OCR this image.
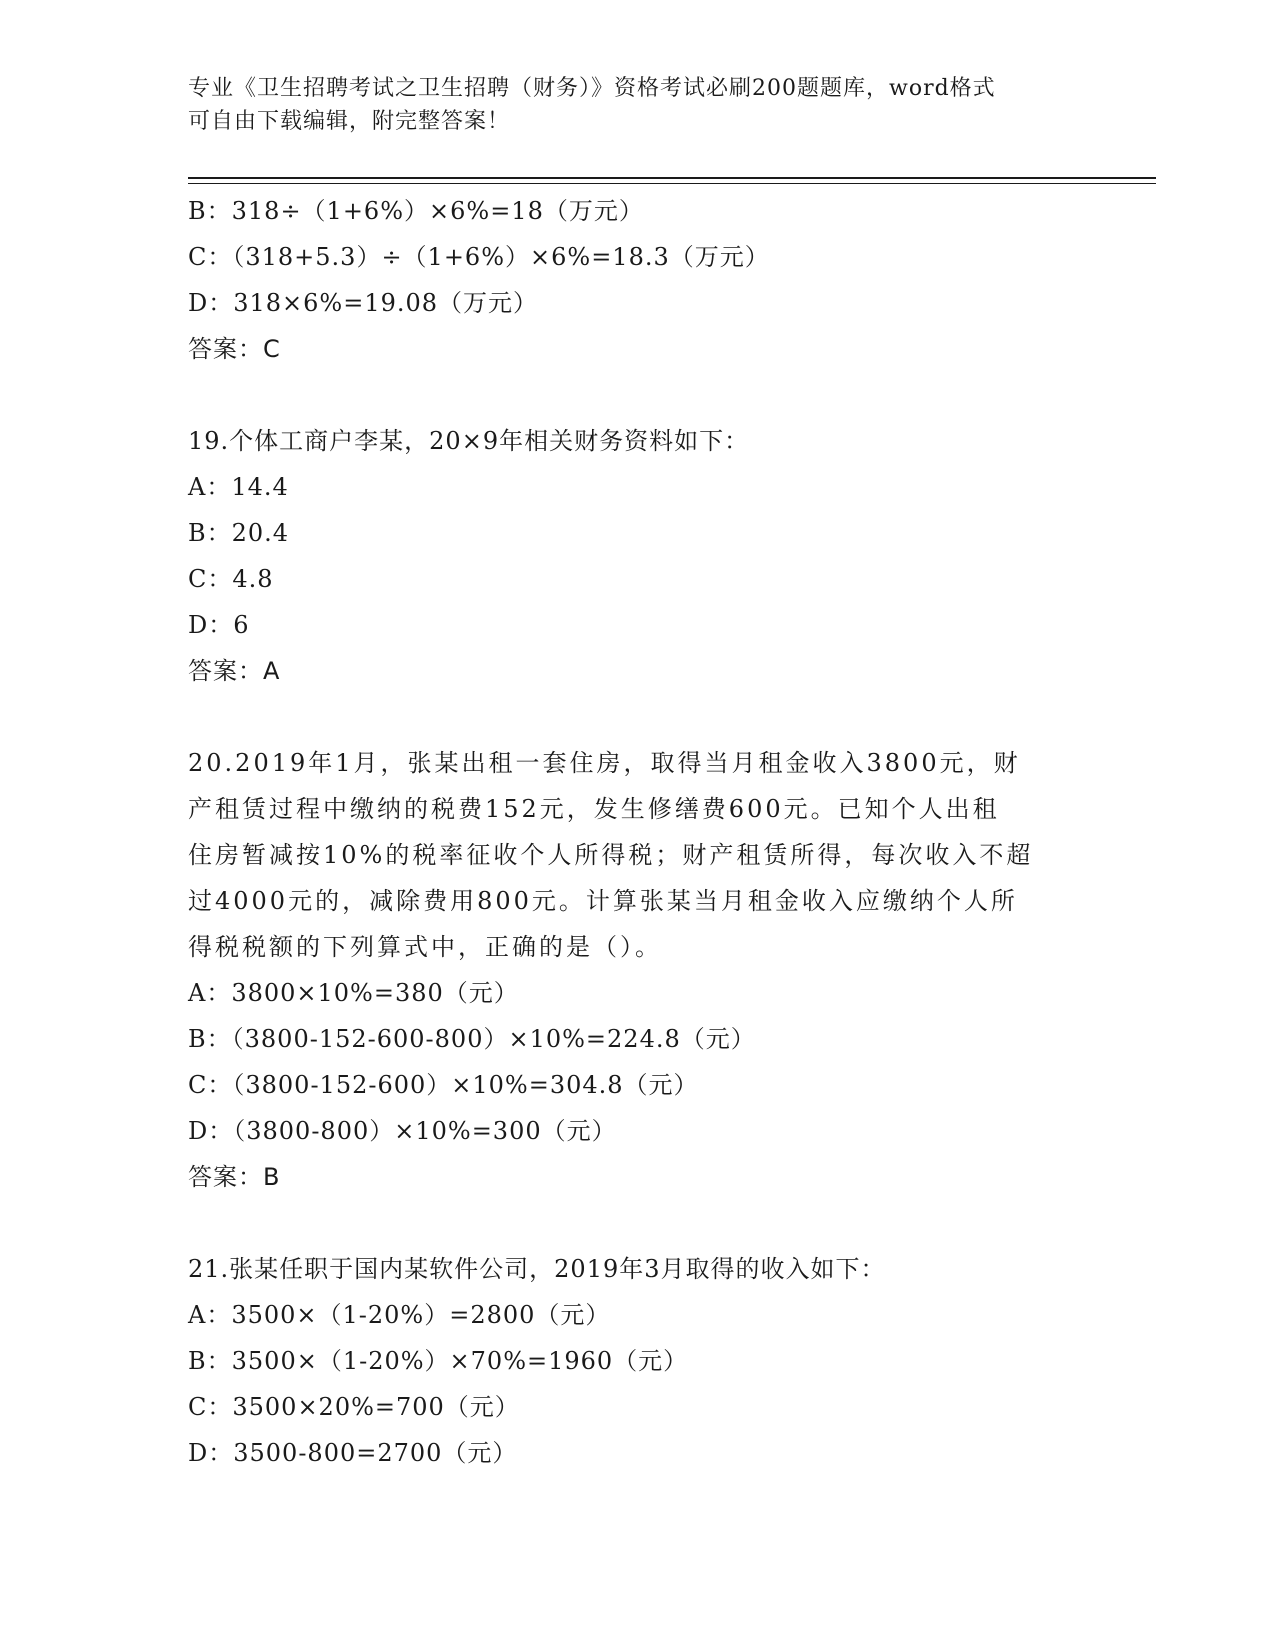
专业《卫生招聘考试之卫生招聘（财务）》资格考试必刷200题题库，word格式
可自由下载编辑，附完整答案！
B：318÷（1+6%）×6%=18（万元）
C：（318+5.3）÷（1+6%）×6%=18.3（万元）
D：318×6%=19.08（万元）
答案：C
19.个体工商户李某，20×9年相关财务资料如下：
A：14.4
B：20.4
C：4.8
D：6
答案：A
20.2019年1月，张某出租一套住房，取得当月租金收入3800元，财
产租赁过程中缴纳的税费152元，发生修缮费600元。已知个人出租
住房暂减按10%的税率征收个人所得税；财产租赁所得，每次收入不超
过4000元的，减除费用800元。计算张某当月租金收入应缴纳个人所
得税税额的下列算式中，正确的是（）。
A：3800×10%=380（元）
B：（3800-152-600-800）×10%=224.8（元）
C：（3800-152-600）×10%=304.8（元）
D：（3800-800）×10%=300（元）
答案：B
21.张某任职于国内某软件公司，2019年3月取得的收入如下：
A：3500×（1-20%）=2800（元）
B：3500×（1-20%）×70%=1960（元）
C：3500×20%=700（元）
D：3500-800=2700（元）
